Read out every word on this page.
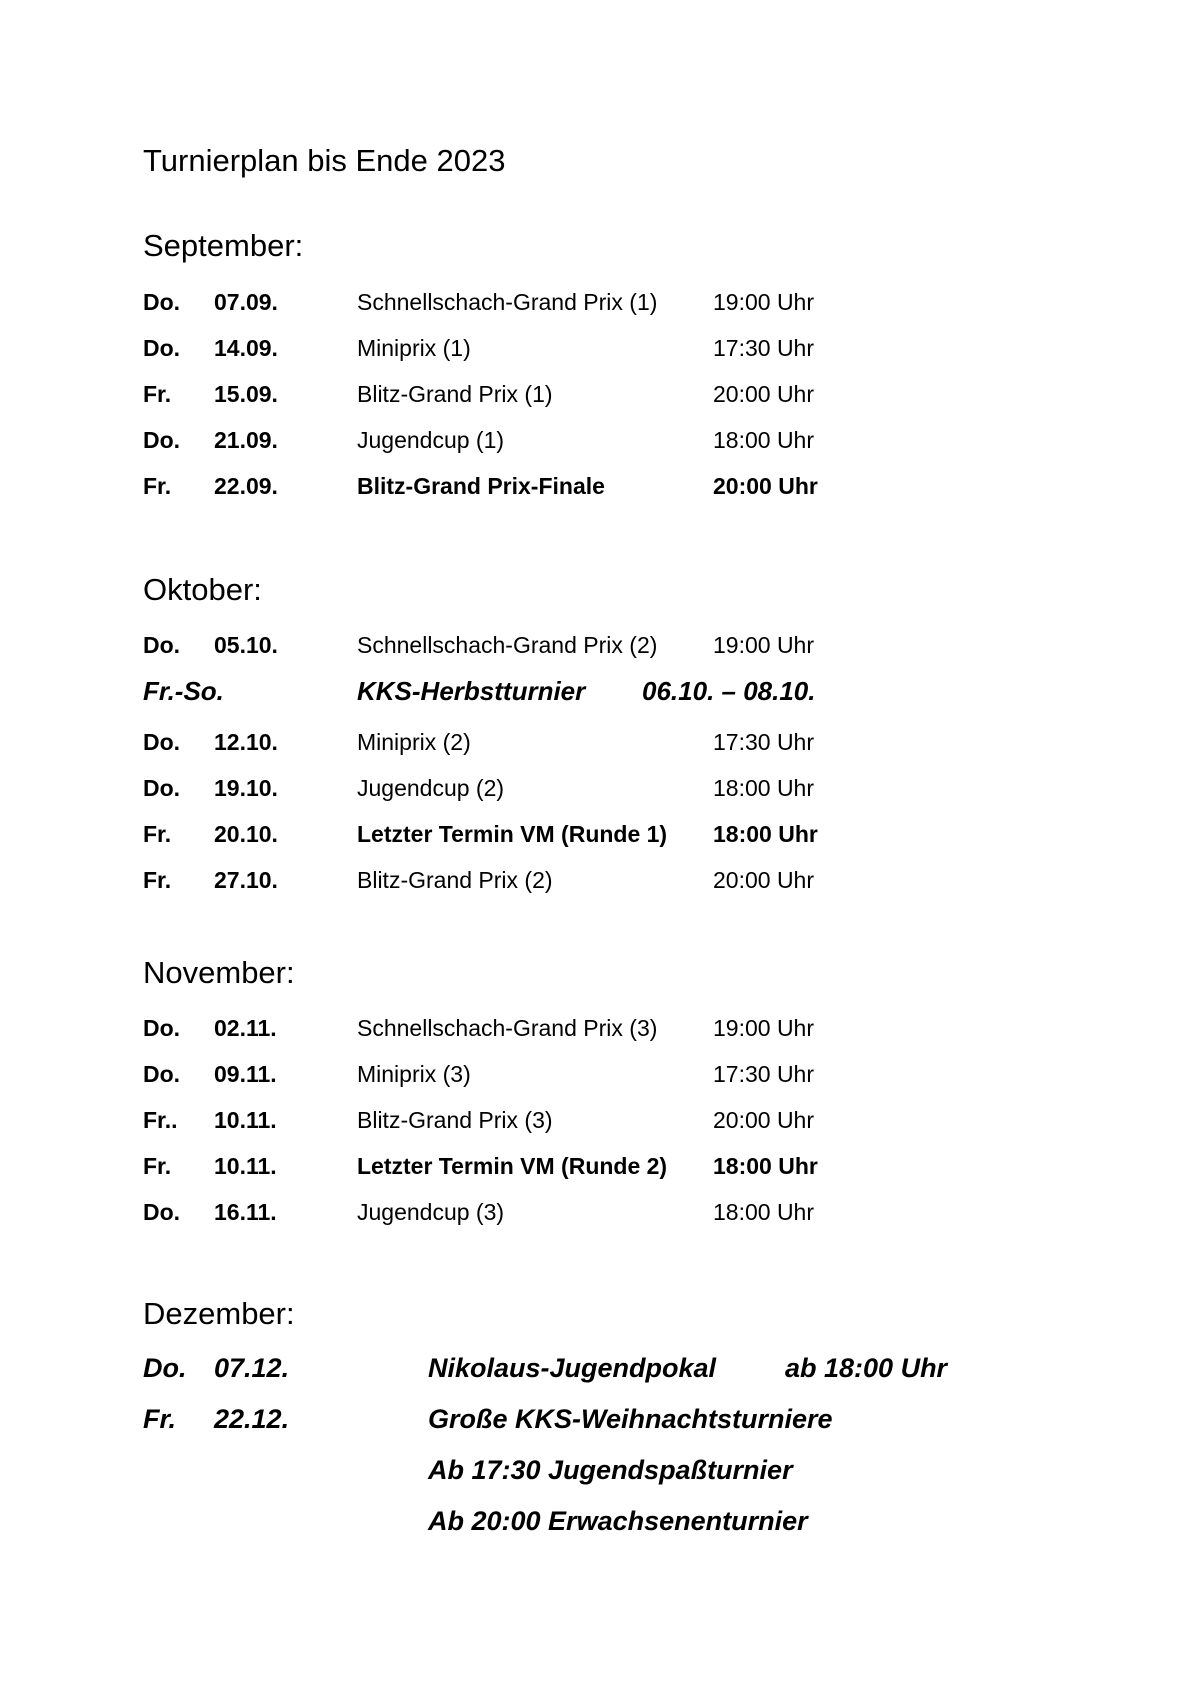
Turnierplan bis Ende 2023
September:
Do. 07.09.	Schnellschach-Grand Prix (1) 19:00 Uhr
Do. 14.09.	Miniprix (1)	17:30 Uhr
Fr. 15.09.	Blitz-Grand Prix (1)	20:00 Uhr
Do. 21.09.	Jugendcup (1)	18:00 Uhr
Fr. 22.09.	Blitz-Grand Prix-Finale	20:00 Uhr
Oktober:
Do. 05.10.	Schnellschach-Grand Prix (2) 19:00 Uhr
Fr.-So.	KKS-Herbstturnier 06.10. – 08.10.
Do. 12.10.	Miniprix (2)	17:30 Uhr
Do. 19.10.	Jugendcup (2)	18:00 Uhr
Fr. 20.10.	Letzter Termin VM (Runde 1) 18:00 Uhr
Fr. 27.10.	Blitz-Grand Prix (2)	20:00 Uhr
November:
Do. 02.11.	Schnellschach-Grand Prix (3) 19:00 Uhr
Do. 09.11.	Miniprix (3)	17:30 Uhr
Fr.. 10.11.	Blitz-Grand Prix (3)	20:00 Uhr
Fr. 10.11.	Letzter Termin VM (Runde 2) 18:00 Uhr
Do. 16.11.	Jugendcup (3)	18:00 Uhr
Dezember:
Do. 07.12.	Nikolaus-Jugendpokal	ab 18:00 Uhr
Fr. 22.12.	Große KKS-Weihnachtsturniere
Ab 17:30 Jugendspaßturnier
Ab 20:00 Erwachsenenturnier
